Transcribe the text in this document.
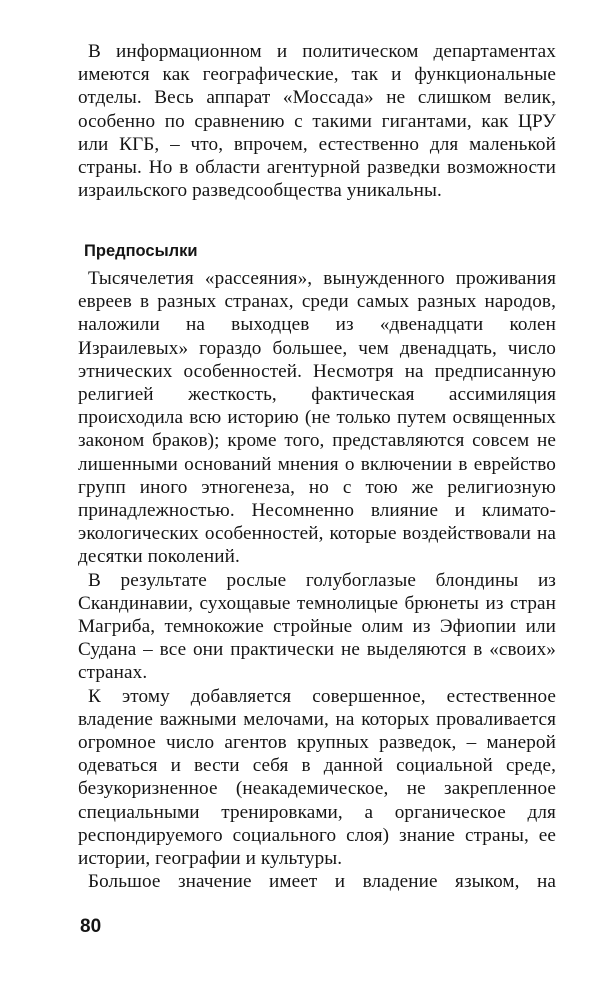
В информационном и политическом департаментах имеются как географические, так и функциональные отделы. Весь аппарат «Моссада» не слишком велик, особенно по сравнению с такими гигантами, как ЦРУ или КГБ, – что, впрочем, естественно для маленькой страны. Но в области агентурной разведки возможности израильского разведсообщества уникальны.

Предпосылки

Тысячелетия «рассеяния», вынужденного проживания евреев в разных странах, среди самых разных народов, наложили на выходцев из «двенадцати колен Израилевых» гораздо большее, чем двенадцать, число этнических особенностей. Несмотря на предписанную религией жесткость, фактическая ассимиляция происходила всю историю (не только путем освященных законом браков); кроме того, представляются совсем не лишенными оснований мнения о включении в еврейство групп иного этногенеза, но с тою же религиозную принадлежностью. Несомненно влияние и климато-экологических особенностей, которые воздействовали на десятки поколений.

В результате рослые голубоглазые блондины из Скандинавии, сухощавые темнолицые брюнеты из стран Магриба, темнокожие стройные олим из Эфиопии или Судана – все они практически не выделяются в «своих» странах.

К этому добавляется совершенное, естественное владение важными мелочами, на которых проваливается огромное число агентов крупных разведок, – манерой одеваться и вести себя в данной социальной среде, безукоризненное (неакадемическое, не закрепленное специальными тренировками, а органическое для респондируемого социального слоя) знание страны, ее истории, географии и культуры.

Большое значение имеет и владение языком, на

80
